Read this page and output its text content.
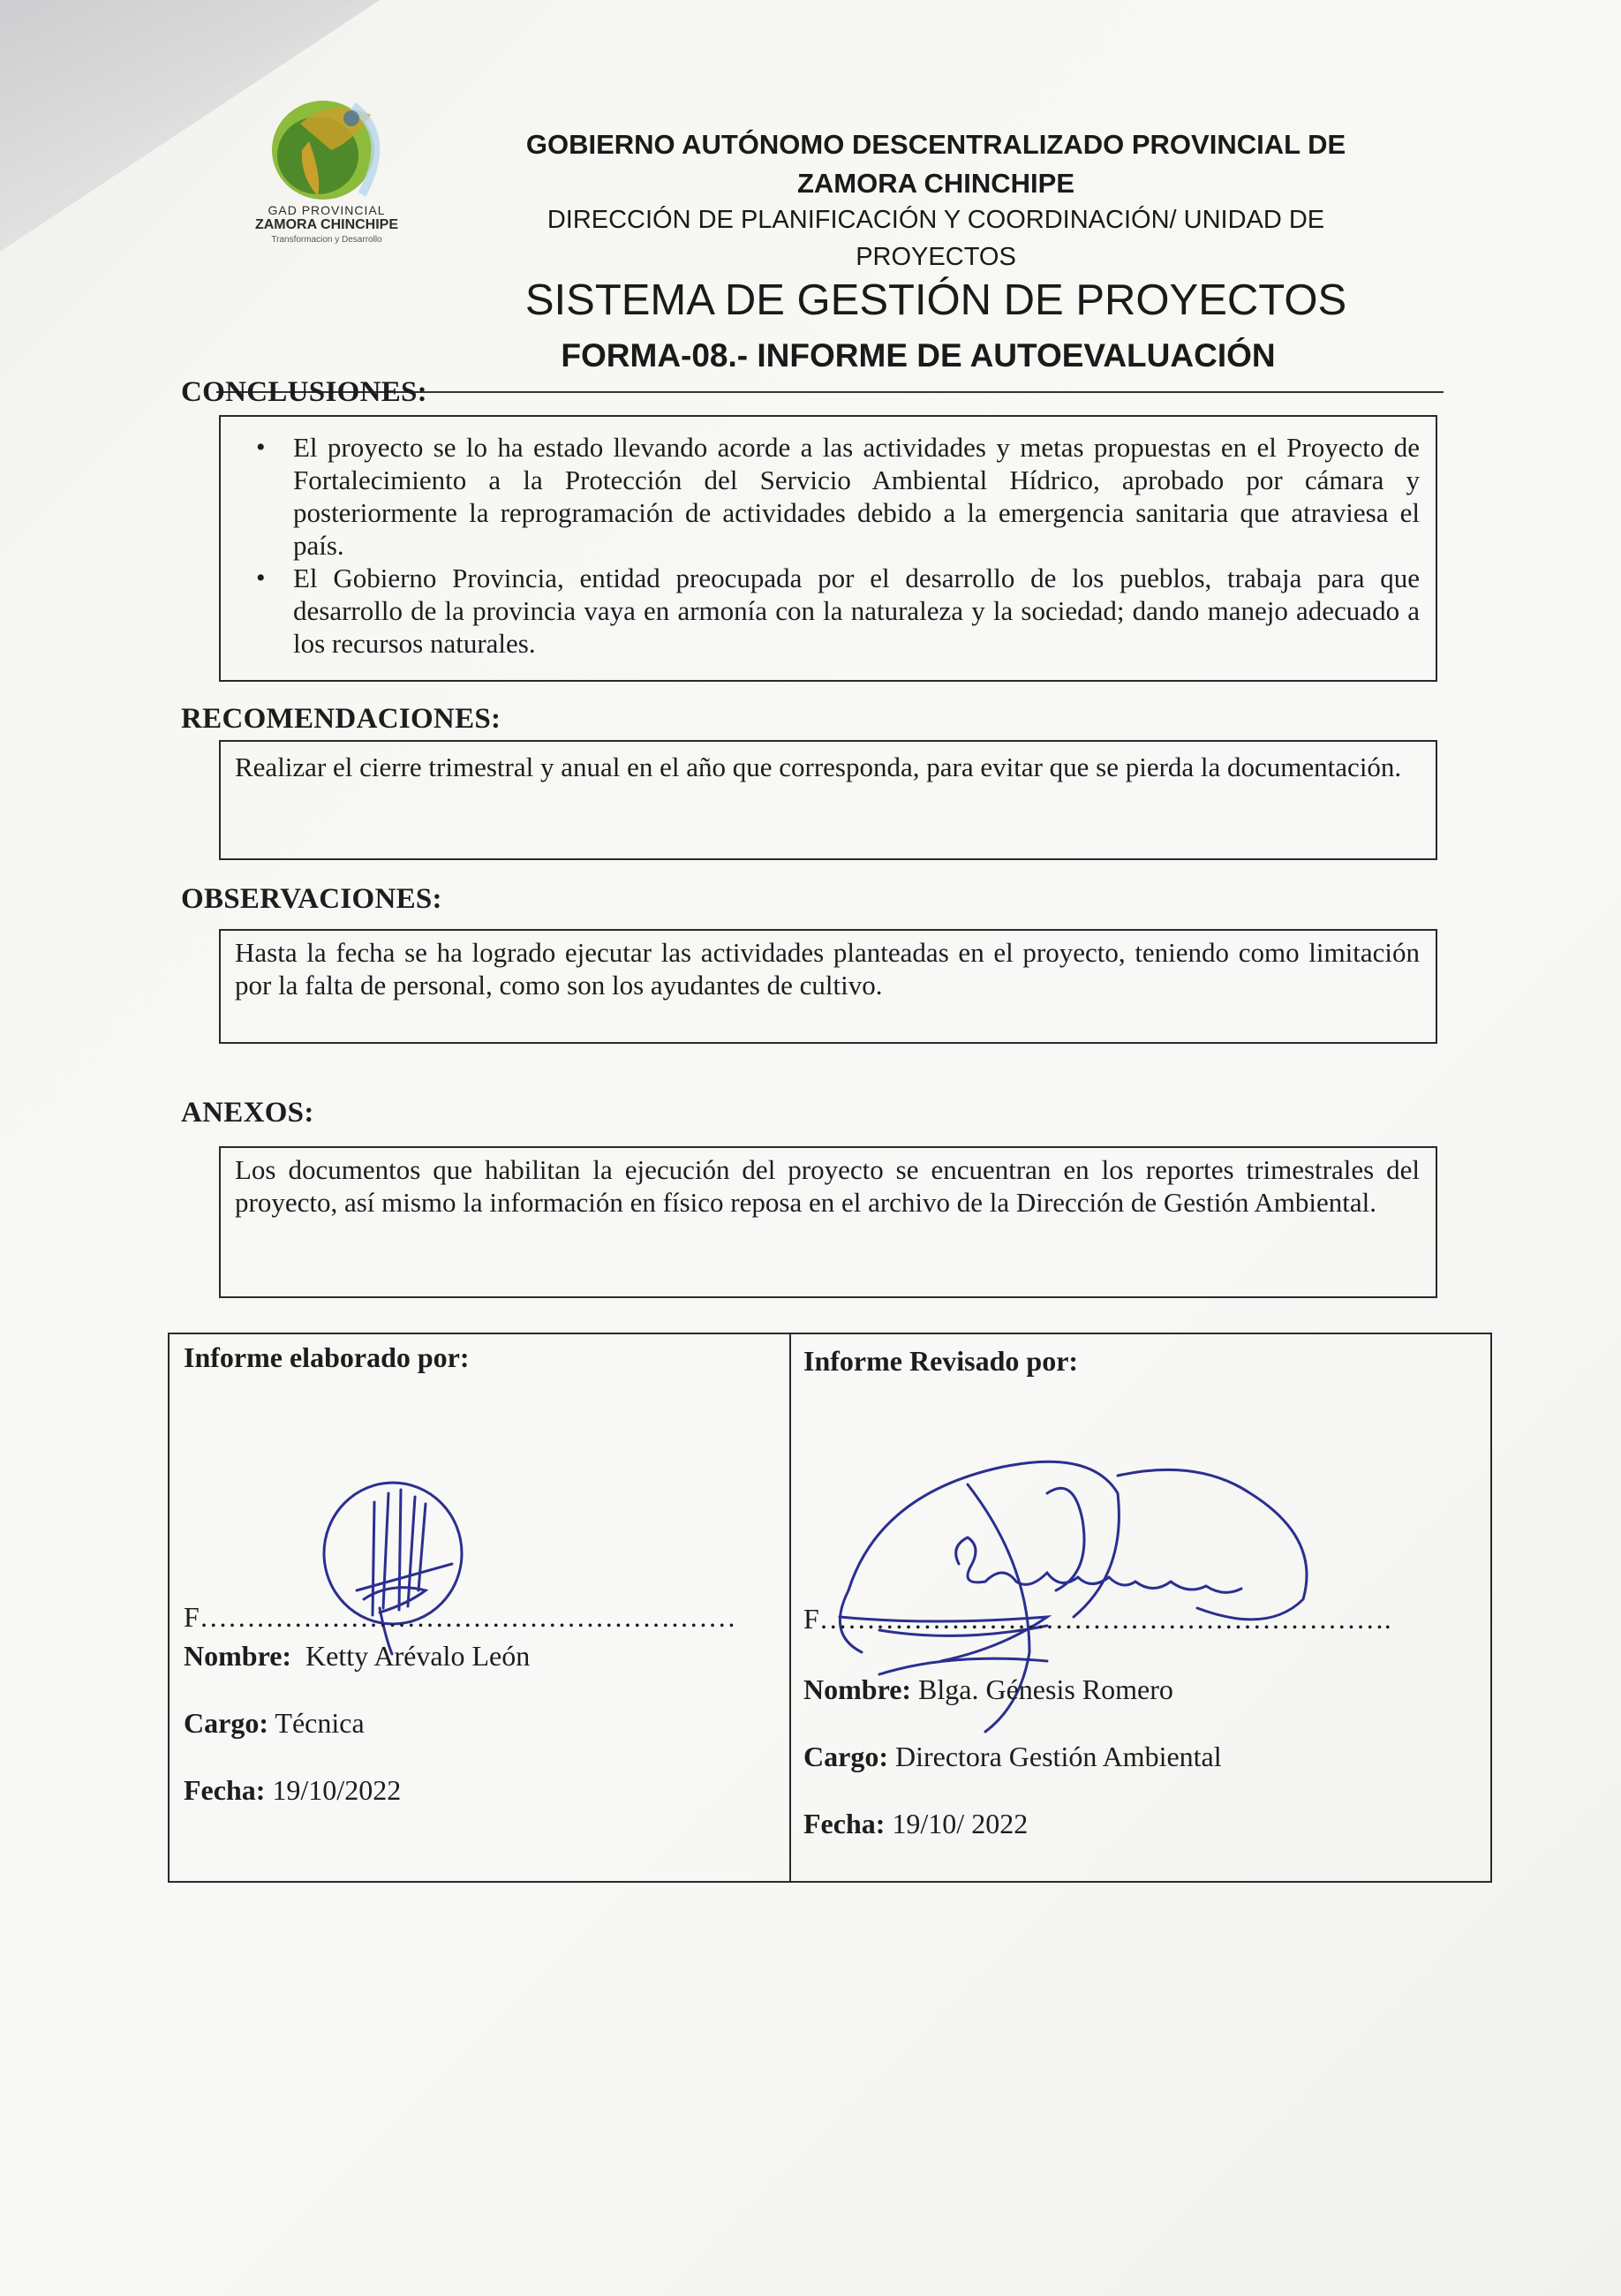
GAD PROVINCIAL
ZAMORA CHINCHIPE
Transformacion y Desarrollo
GOBIERNO AUTÓNOMO DESCENTRALIZADO PROVINCIAL DE ZAMORA CHINCHIPE
DIRECCIÓN DE PLANIFICACIÓN Y COORDINACIÓN/ UNIDAD DE PROYECTOS
SISTEMA DE GESTIÓN DE PROYECTOS
FORMA-08.- INFORME DE AUTOEVALUACIÓN
CONCLUSIONES:
• El proyecto se lo ha estado llevando acorde a las actividades y metas propuestas en el Proyecto de Fortalecimiento a la Protección del Servicio Ambiental Hídrico, aprobado por cámara y posteriormente la reprogramación de actividades debido a la emergencia sanitaria que atraviesa el país.
• El Gobierno Provincia, entidad preocupada por el desarrollo de los pueblos, trabaja para que desarrollo de la provincia vaya en armonía con la naturaleza y la sociedad; dando manejo adecuado a los recursos naturales.
RECOMENDACIONES:

Realizar el cierre trimestral y anual en el año que corresponda, para evitar que se pierda la documentación.

OBSERVACIONES:

Hasta la fecha se ha logrado ejecutar las actividades planteadas en el proyecto, teniendo como limitación por la falta de personal, como son los ayudantes de cultivo.

ANEXOS:

Los documentos que habilitan la ejecución del proyecto se encuentran en los reportes trimestrales del proyecto, así mismo la información en físico reposa en el archivo de la Dirección de Gestión Ambiental.

Informe elaborado por:
F…………………………………………………
Nombre: Ketty Arévalo León
Cargo: Técnica
Fecha: 19/10/2022
Informe Revisado por:
F…………………………………………………….
Nombre: Blga. Génesis Romero
Cargo: Directora Gestión Ambiental
Fecha: 19/10/ 2022
